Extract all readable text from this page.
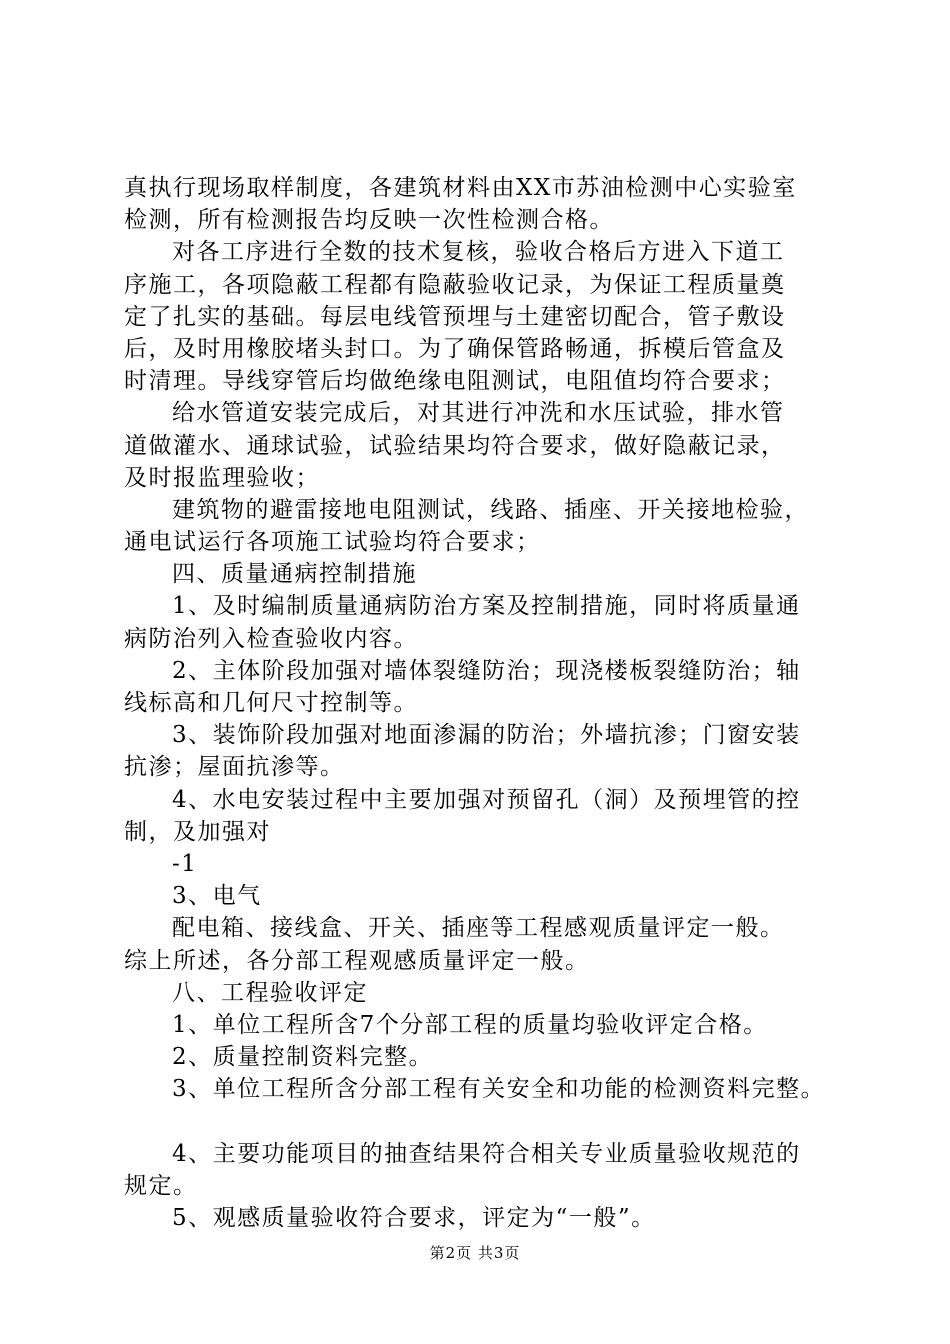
真执行现场取样制度，各建筑材料由XX市苏油检测中心实验室
检测，所有检测报告均反映一次性检测合格。
对各工序进行全数的技术复核，验收合格后方进入下道工
序施工，各项隐蔽工程都有隐蔽验收记录，为保证工程质量奠
定了扎实的基础。每层电线管预埋与土建密切配合，管子敷设
后，及时用橡胶堵头封口。为了确保管路畅通，拆模后管盒及
时清理。导线穿管后均做绝缘电阻测试，电阻值均符合要求；
给水管道安装完成后，对其进行冲洗和水压试验，排水管
道做灌水、通球试验，试验结果均符合要求，做好隐蔽记录，
及时报监理验收；
建筑物的避雷接地电阻测试，线路、插座、开关接地检验，
通电试运行各项施工试验均符合要求；
四、质量通病控制措施
1、及时编制质量通病防治方案及控制措施，同时将质量通
病防治列入检查验收内容。
2、主体阶段加强对墙体裂缝防治；现浇楼板裂缝防治；轴
线标高和几何尺寸控制等。
3、装饰阶段加强对地面渗漏的防治；外墙抗渗；门窗安装
抗渗；屋面抗渗等。
4、水电安装过程中主要加强对预留孔（洞）及预埋管的控
制，及加强对
-1
3、电气
配电箱、接线盒、开关、插座等工程感观质量评定一般。
综上所述，各分部工程观感质量评定一般。
八、工程验收评定
1、单位工程所含7个分部工程的质量均验收评定合格。
2、质量控制资料完整。
3、单位工程所含分部工程有关安全和功能的检测资料完整。
4、主要功能项目的抽查结果符合相关专业质量验收规范的
规定。
5、观感质量验收符合要求，评定为“一般”。
第2页 共3页
